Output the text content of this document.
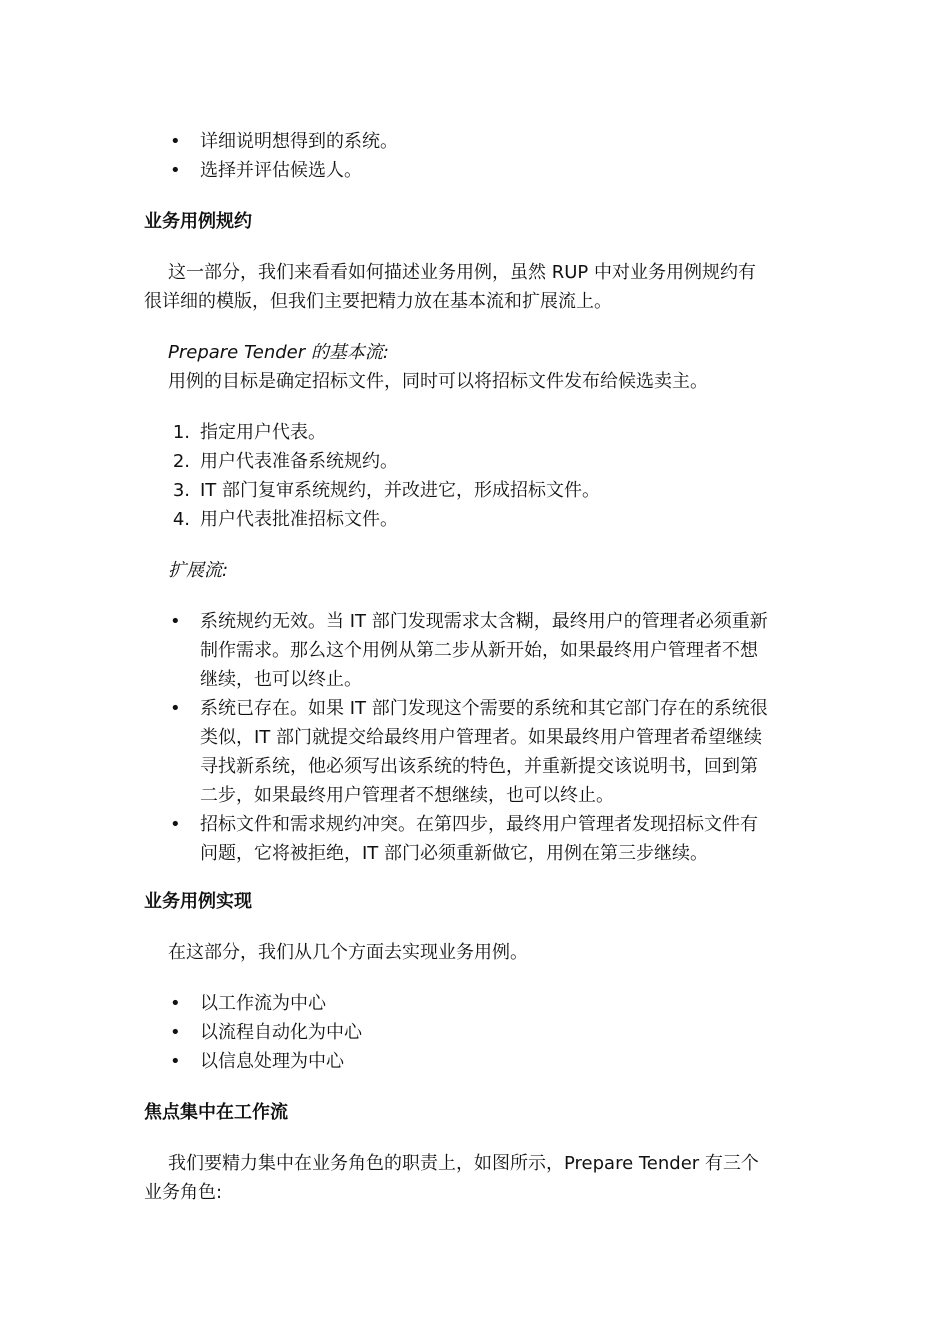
• 详细说明想得到的系统。
• 选择并评估候选人。
业务用例规约
这一部分，我们来看看如何描述业务用例，虽然 RUP 中对业务用例规约有
很详细的模版，但我们主要把精力放在基本流和扩展流上。
Prepare Tender 的基本流:
用例的目标是确定招标文件，同时可以将招标文件发布给候选卖主。
1. 指定用户代表。
2. 用户代表准备系统规约。
3. IT 部门复审系统规约，并改进它，形成招标文件。
4. 用户代表批准招标文件。
扩展流:
• 系统规约无效。当 IT 部门发现需求太含糊，最终用户的管理者必须重新
制作需求。那么这个用例从第二步从新开始，如果最终用户管理者不想
继续，也可以终止。
• 系统已存在。如果 IT 部门发现这个需要的系统和其它部门存在的系统很
类似，IT 部门就提交给最终用户管理者。如果最终用户管理者希望继续
寻找新系统，他必须写出该系统的特色，并重新提交该说明书，回到第
二步，如果最终用户管理者不想继续，也可以终止。
• 招标文件和需求规约冲突。在第四步，最终用户管理者发现招标文件有
问题，它将被拒绝，IT 部门必须重新做它，用例在第三步继续。
业务用例实现
在这部分，我们从几个方面去实现业务用例。
• 以工作流为中心
• 以流程自动化为中心
• 以信息处理为中心
焦点集中在工作流
我们要精力集中在业务角色的职责上，如图所示，Prepare Tender 有三个
业务角色:
